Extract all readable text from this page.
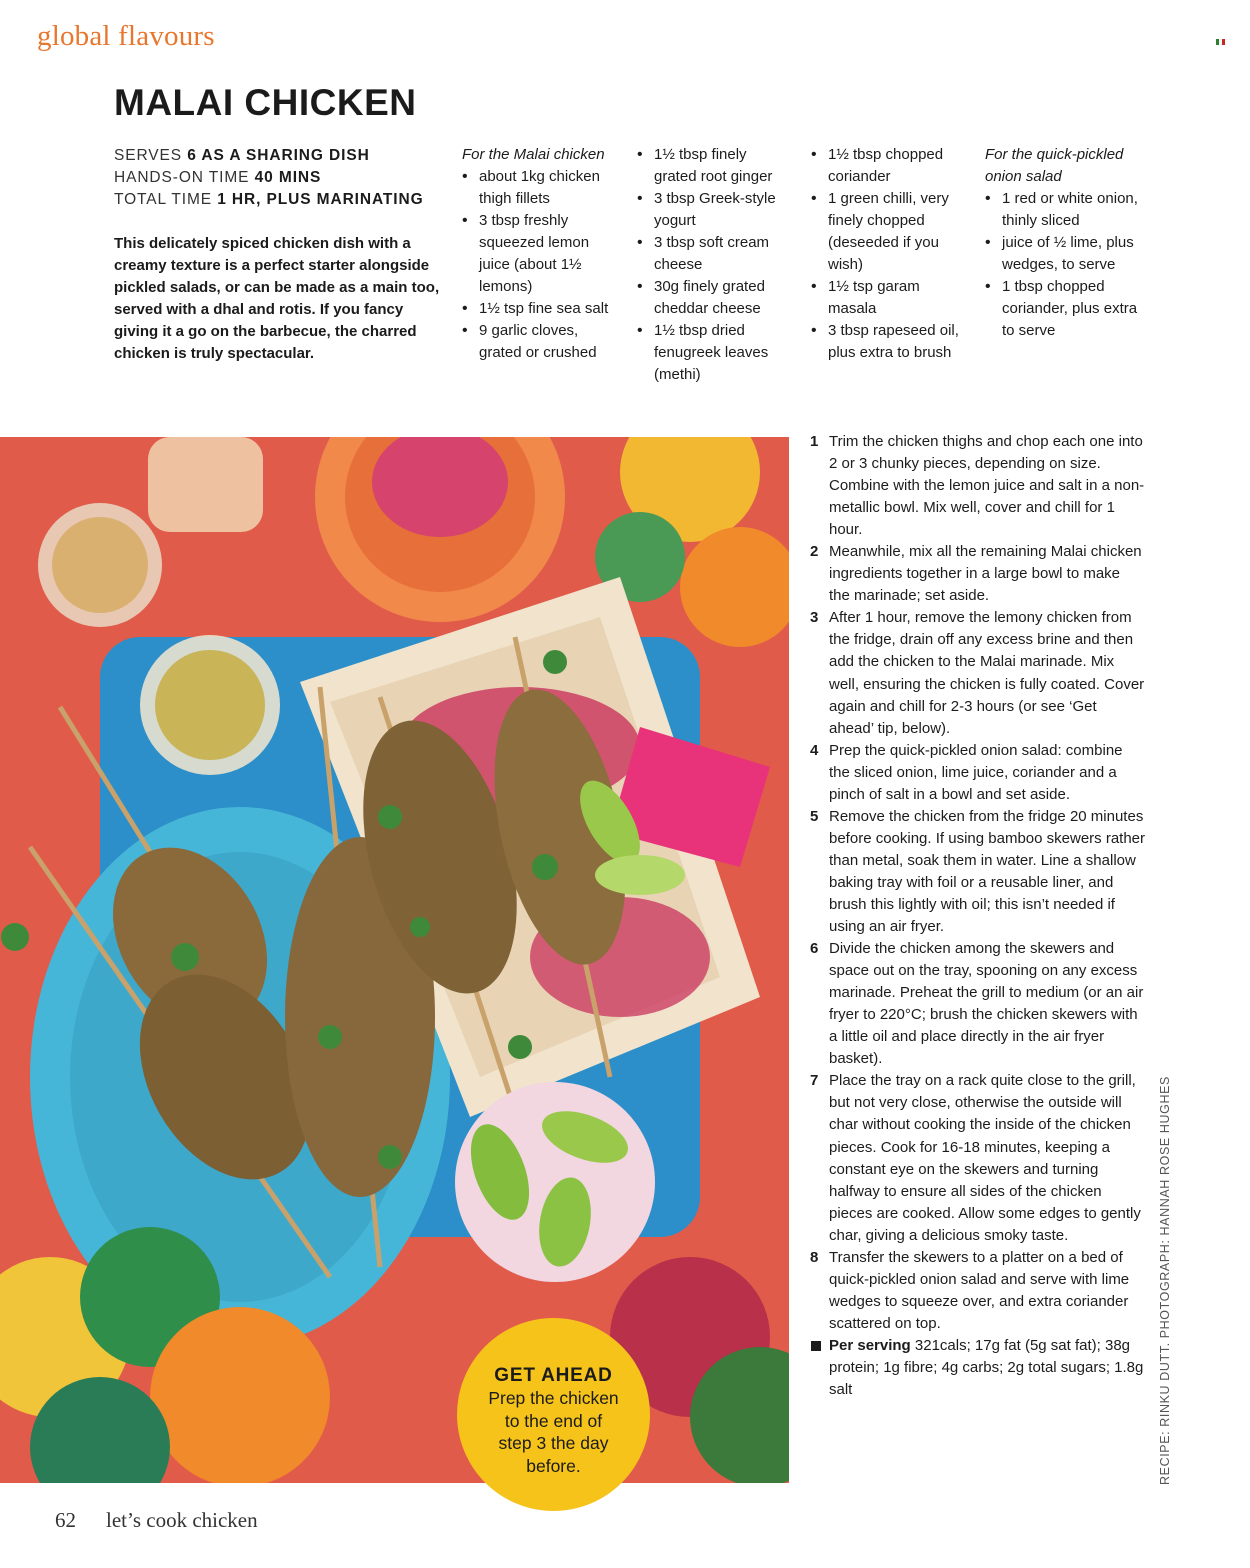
global flavours
MALAI CHICKEN
SERVES 6 AS A SHARING DISH
HANDS-ON TIME 40 MINS
TOTAL TIME 1 HR, PLUS MARINATING
This delicately spiced chicken dish with a creamy texture is a perfect starter alongside pickled salads, or can be made as a main too, served with a dhal and rotis. If you fancy giving it a go on the barbecue, the charred chicken is truly spectacular.
For the Malai chicken
• about 1kg chicken thigh fillets
• 3 tbsp freshly squeezed lemon juice (about 1½ lemons)
• 1½ tsp fine sea salt
• 9 garlic cloves, grated or crushed
• 1½ tbsp finely grated root ginger
• 3 tbsp Greek-style yogurt
• 3 tbsp soft cream cheese
• 30g finely grated cheddar cheese
• 1½ tbsp dried fenugreek leaves (methi)
• 1½ tbsp chopped coriander
• 1 green chilli, very finely chopped (deseeded if you wish)
• 1½ tsp garam masala
• 3 tbsp rapeseed oil, plus extra to brush
For the quick-pickled onion salad
• 1 red or white onion, thinly sliced
• juice of ½ lime, plus wedges, to serve
• 1 tbsp chopped coriander, plus extra to serve
GET AHEAD
Prep the chicken to the end of step 3 the day before.
1 Trim the chicken thighs and chop each one into 2 or 3 chunky pieces, depending on size. Combine with the lemon juice and salt in a non-metallic bowl. Mix well, cover and chill for 1 hour.
2 Meanwhile, mix all the remaining Malai chicken ingredients together in a large bowl to make the marinade; set aside.
3 After 1 hour, remove the lemony chicken from the fridge, drain off any excess brine and then add the chicken to the Malai marinade. Mix well, ensuring the chicken is fully coated. Cover again and chill for 2-3 hours (or see ‘Get ahead’ tip, below).
4 Prep the quick-pickled onion salad: combine the sliced onion, lime juice, coriander and a pinch of salt in a bowl and set aside.
5 Remove the chicken from the fridge 20 minutes before cooking. If using bamboo skewers rather than metal, soak them in water. Line a shallow baking tray with foil or a reusable liner, and brush this lightly with oil; this isn’t needed if using an air fryer.
6 Divide the chicken among the skewers and space out on the tray, spooning on any excess marinade. Preheat the grill to medium (or an air fryer to 220°C; brush the chicken skewers with a little oil and place directly in the air fryer basket).
7 Place the tray on a rack quite close to the grill, but not very close, otherwise the outside will char without cooking the inside of the chicken pieces. Cook for 16-18 minutes, keeping a constant eye on the skewers and turning halfway to ensure all sides of the chicken pieces are cooked. Allow some edges to gently char, giving a delicious smoky taste.
8 Transfer the skewers to a platter on a bed of quick-pickled onion salad and serve with lime wedges to squeeze over, and extra coriander scattered on top.
Per serving 321cals; 17g fat (5g sat fat); 38g protein; 1g fibre; 4g carbs; 2g total sugars; 1.8g salt	RECIPE: RINKU DUTT. PHOTOGRAPH: HANNAH ROSE HUGHES
62 let’s cook chicken
